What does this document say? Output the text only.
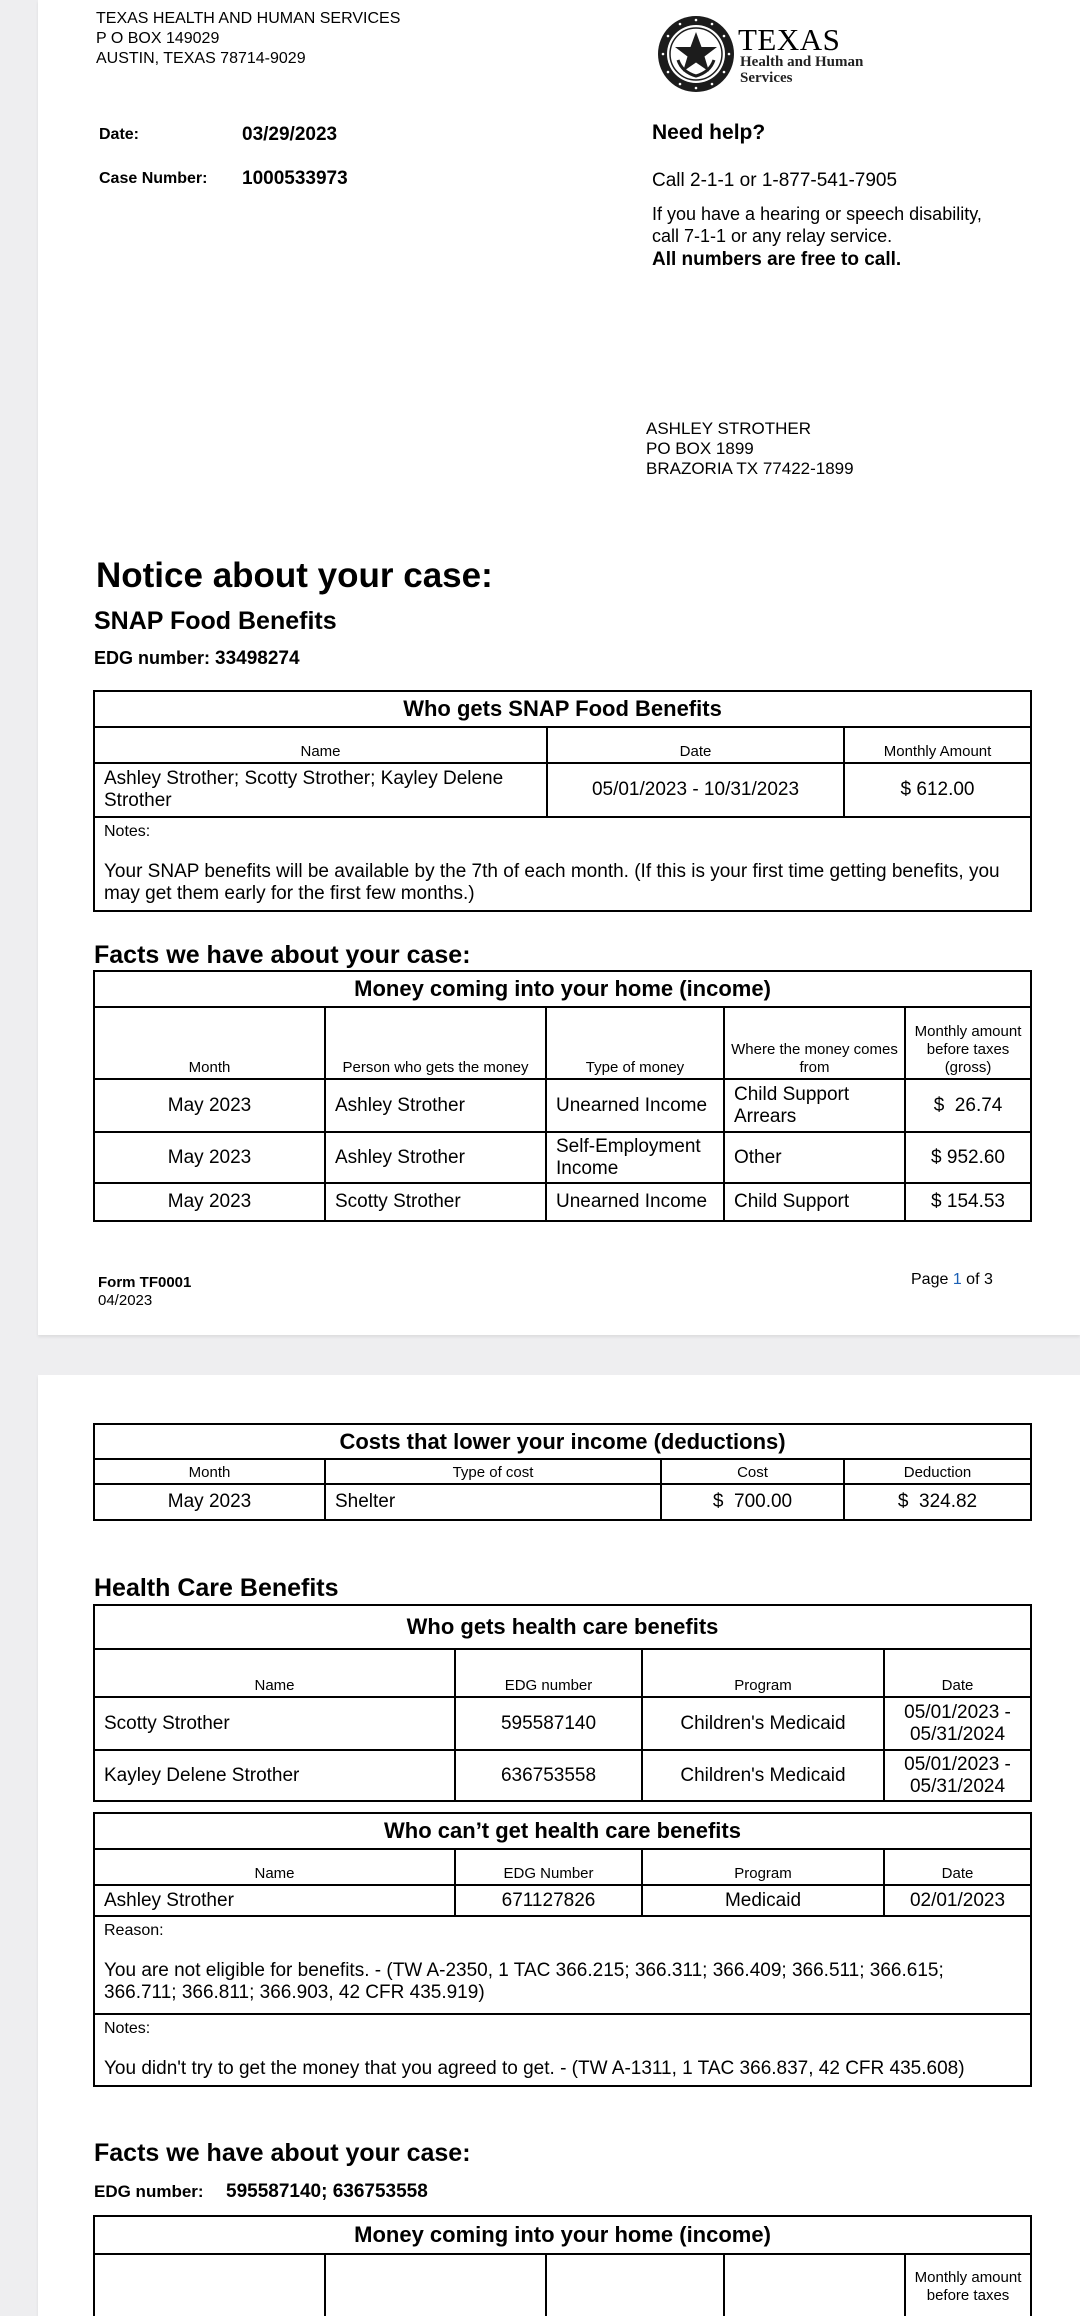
TEXAS HEALTH AND HUMAN SERVICES
P O BOX 149029
AUSTIN, TEXAS 78714-9029
TEXAS
Health and Human
Services
Date:	03/29/2023
Case Number: 1000533973
Need help?
Call 2-1-1 or 1-877-541-7905
If you have a hearing or speech disability,
call 7-1-1 or any relay service.
All numbers are free to call.
ASHLEY STROTHER
PO BOX 1899
BRAZORIA TX 77422-1899
Notice about your case:
SNAP Food Benefits
EDG number: 33498274
Who gets SNAP Food Benefits		
Name	Date	Monthly Amount
Ashley Strother; Scotty Strother; Kayley Delene Strother	05/01/2023 - 10/31/2023	$ 612.00

Notes:
Your SNAP benefits will be available by the 7th of each month. (If this is your first time getting benefits, you may get them early for the first few months.)		
Facts we have about your case:
Money coming into your home (income)				
Month	Person who gets the money	Type of money	Where the money comes from	Monthly amount before taxes (gross)
May 2023	Ashley Strother	Unearned Income	Child Support Arrears	$  26.74
May 2023	Ashley Strother	Self-Employment Income	Other	$ 952.60
May 2023	Scotty Strother	Unearned Income	Child Support	$ 154.53
Form TF0001
04/2023
Page 1 of 3
Costs that lower your income (deductions)			
Month	Type of cost	Cost	Deduction
May 2023	Shelter	$  700.00	$  324.82
Health Care Benefits
Who gets health care benefits			
Name	EDG number	Program	Date
Scotty Strother	595587140	Children's Medicaid	05/01/2023 - 05/31/2024
Kayley Delene Strother	636753558	Children's Medicaid	05/01/2023 - 05/31/2024
Who can’t get health care benefits			
Name	EDG Number	Program	Date
Ashley Strother	671127826	Medicaid	02/01/2023

Reason:
You are not eligible for benefits. - (TW A-2350, 1 TAC 366.215; 366.311; 366.409; 366.511; 366.615; 366.711; 366.811; 366.903, 42 CFR 435.919)			

Notes:
You didn't try to get the money that you agreed to get. - (TW A-1311, 1 TAC 366.837, 42 CFR 435.608)			
Facts we have about your case:
EDG number: 595587140; 636753558
Money coming into your home (income)
				Monthly amount before taxes
